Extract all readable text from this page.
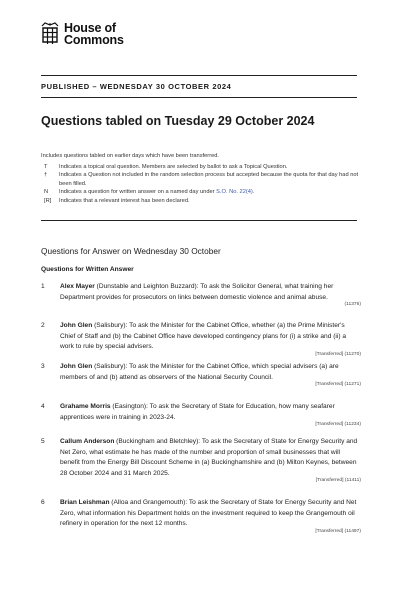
House of
Commons
PUBLISHED – WEDNESDAY 30 OCTOBER 2024
Questions tabled on Tuesday 29 October 2024
Includes questions tabled on earlier days which have been transferred.
T	Indicates a topical oral question. Members are selected by ballot to ask a Topical Question.
†	Indicates a Question not included in the random selection process but accepted because the quota for that day had not been filled.
N	Indicates a question for written answer on a named day under S.O. No. 22(4).
[R]	Indicates that a relevant interest has been declared.
Questions for Answer on Wednesday 30 October
Questions for Written Answer
1	Alex Mayer (Dunstable and Leighton Buzzard): To ask the Solicitor General, what training her Department provides for prosecutors on links between domestic violence and animal abuse.
(11376)
2	John Glen (Salisbury): To ask the Minister for the Cabinet Office, whether (a) the Prime Minister's Chief of Staff and (b) the Cabinet Office have developed contingency plans for (i) a strike and (ii) a work to rule by special advisers.
[Transferred] (11270)
3	John Glen (Salisbury): To ask the Minister for the Cabinet Office, which special advisers (a) are members of and (b) attend as observers of the National Security Council.
[Transferred] (11271)
4	Grahame Morris (Easington): To ask the Secretary of State for Education, how many seafarer apprentices were in training in 2023-24.
[Transferred] (11234)
5	Callum Anderson (Buckingham and Bletchley): To ask the Secretary of State for Energy Security and Net Zero, what estimate he has made of the number and proportion of small businesses that will benefit from the Energy Bill Discount Scheme in (a) Buckinghamshire and (b) Milton Keynes, between 28 October 2024 and 31 March 2025.
[Transferred] (11411)
6	Brian Leishman (Alloa and Grangemouth): To ask the Secretary of State for Energy Security and Net Zero, what information his Department holds on the investment required to keep the Grangemouth oil refinery in operation for the next 12 months.
[Transferred] (11497)
